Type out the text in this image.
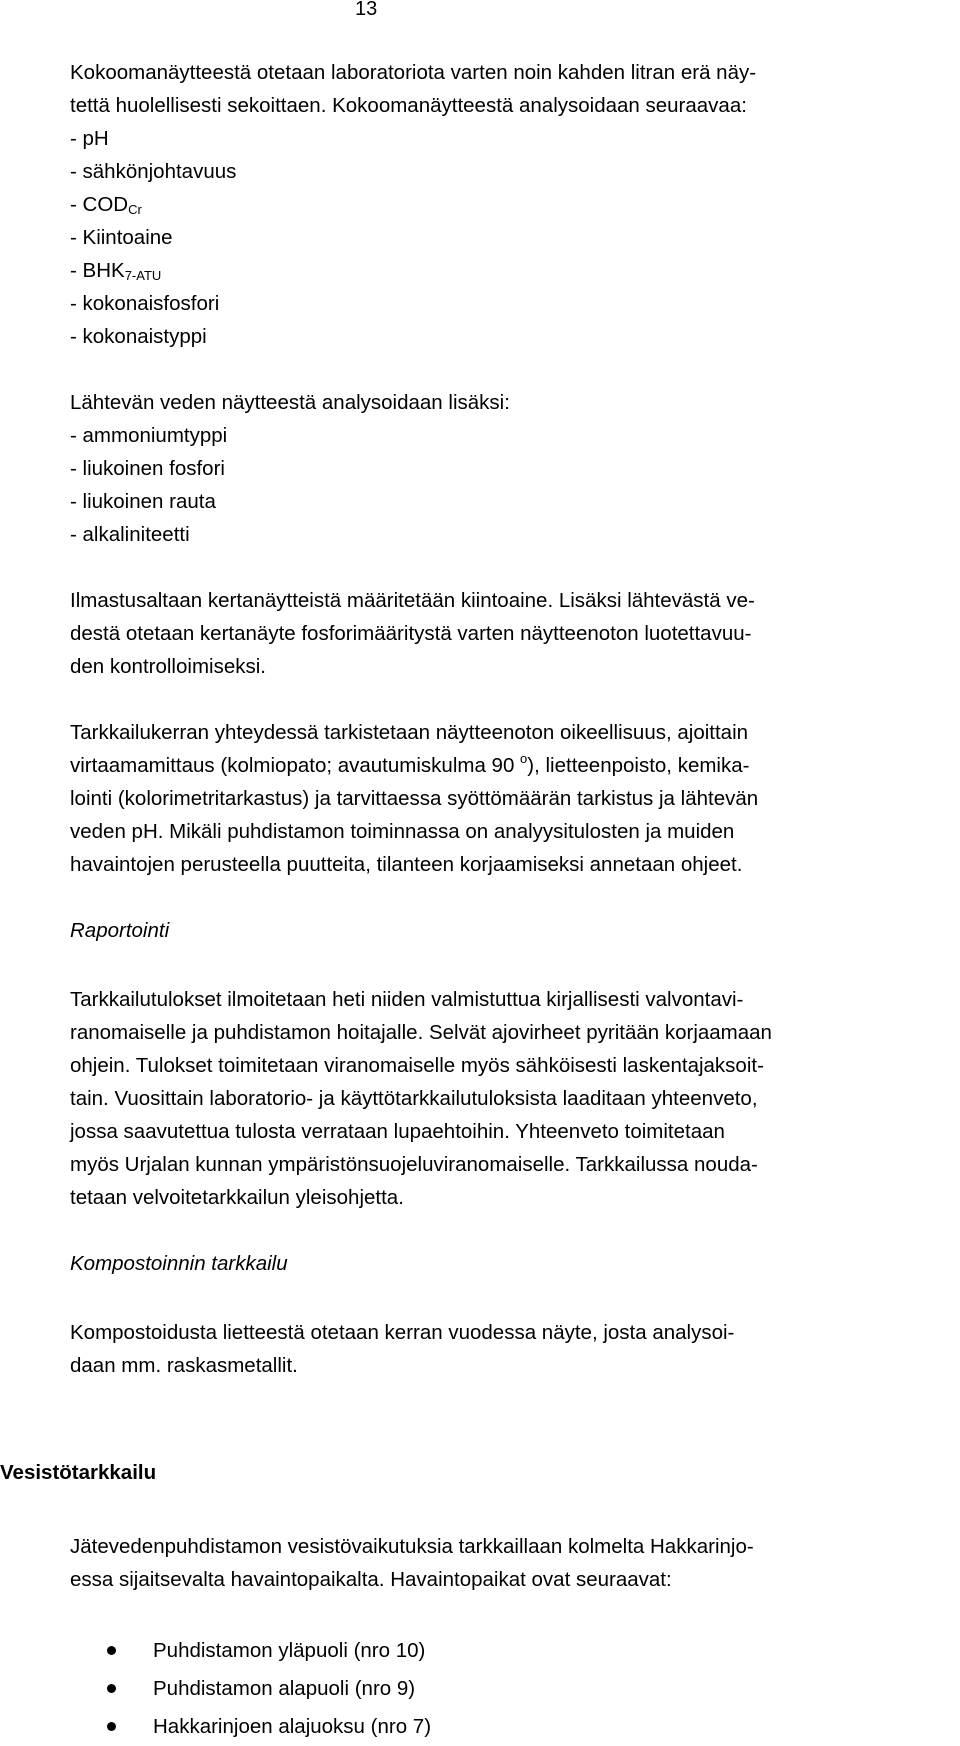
13
Kokoomanäytteestä otetaan laboratoriota varten noin kahden litran erä näy-
tettä huolellisesti sekoittaen. Kokoomanäytteestä analysoidaan seuraavaa:
- pH
- sähkönjohtavuus
- $COD_{Cr}$
- Kiintoaine
- $BHK_{7-ATU}$
- kokonaisfosfori
- kokonaistyppi
Lähtevän veden näytteestä analysoidaan lisäksi:
- ammoniumtyppi
- liukoinen fosfori
- liukoinen rauta
- alkaliniteetti
Ilmastusaltaan kertanäytteistä määritetään kiintoaine. Lisäksi lähtevästä ve-
destä otetaan kertanäyte fosforimääritystä varten näytteenoton luotettavuu-
den kontrolloimiseksi.
Tarkkailukerran yhteydessä tarkistetaan näytteenoton oikeellisuus, ajoittain
virtaamamittaus (kolmiopato; avautumiskulma 90 $^o$), lietteenpoisto, kemika-
lointi (kolorimetritarkastus) ja tarvittaessa syöttömäärän tarkistus ja lähtevän
veden pH. Mikäli puhdistamon toiminnassa on analyysitulosten ja muiden
havaintojen perusteella puutteita, tilanteen korjaamiseksi annetaan ohjeet.
Raportointi
Tarkkailutulokset ilmoitetaan heti niiden valmistuttua kirjallisesti valvontavi-
ranomaiselle ja puhdistamon hoitajalle. Selvät ajovirheet pyritään korjaamaan
ohjein. Tulokset toimitetaan viranomaiselle myös sähköisesti laskentajaksoit-
tain. Vuosittain laboratorio- ja käyttötarkkailutuloksista laaditaan yhteenveto,
jossa saavutettua tulosta verrataan lupaehtoihin. Yhteenveto toimitetaan
myös Urjalan kunnan ympäristönsuojeluviranomaiselle. Tarkkailussa nouda-
tetaan velvoitetarkkailun yleisohjetta.
Kompostoinnin tarkkailu
Kompostoidusta lietteestä otetaan kerran vuodessa näyte, josta analysoi-
daan mm. raskasmetallit.
Vesistötarkkailu
Jätevedenpuhdistamon vesistövaikutuksia tarkkaillaan kolmelta Hakkarinjo-
essa sijaitsevalta havaintopaikalta. Havaintopaikat ovat seuraavat:
Puhdistamon yläpuoli (nro 10)
Puhdistamon alapuoli (nro 9)
Hakkarinjoen alajuoksu (nro 7)
